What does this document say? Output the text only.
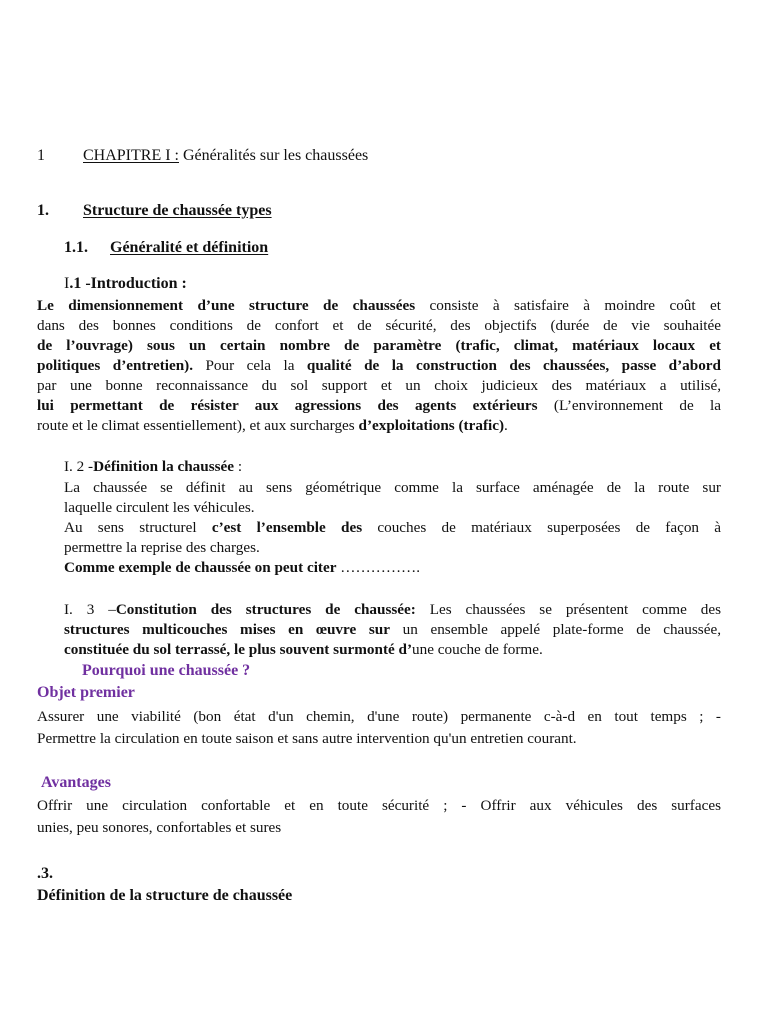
1 CHAPITRE I : Généralités sur les chaussées
1. Structure de chaussée types
1.1. Généralité et définition
I.1 -Introduction :
Le dimensionnement d’une structure de chaussées consiste à satisfaire à moindre coût et
dans des bonnes conditions de confort et de sécurité, des objectifs (durée de vie souhaitée
de l’ouvrage) sous un certain nombre de paramètre (trafic, climat, matériaux locaux et
politiques d’entretien). Pour cela la qualité de la construction des chaussées, passe d’abord
par une bonne reconnaissance du sol support et un choix judicieux des matériaux a utilisé,
lui permettant de résister aux agressions des agents extérieurs (L’environnement de la
route et le climat essentiellement), et aux surcharges d’exploitations (trafic).
I. 2 -Définition la chaussée :
La chaussée se définit au sens géométrique comme la surface aménagée de la route sur
laquelle circulent les véhicules.
Au sens structurel c’est l’ensemble des couches de matériaux superposées de façon à
permettre la reprise des charges.
Comme exemple de chaussée on peut citer …………….
I. 3 –Constitution des structures de chaussée: Les chaussées se présentent comme des
structures multicouches mises en œuvre sur un ensemble appelé plate-forme de chaussée,
constituée du sol terrassé, le plus souvent surmonté d’une couche de forme.
Pourquoi une chaussée ?
Objet premier
Assurer une viabilité (bon état d'un chemin, d'une route) permanente c-à-d en tout temps ; -
Permettre la circulation en toute saison et sans autre intervention qu'un entretien courant.
Avantages
Offrir une circulation confortable et en toute sécurité ; - Offrir aux véhicules des surfaces
unies, peu sonores, confortables et sures
.3.
Définition de la structure de chaussée
